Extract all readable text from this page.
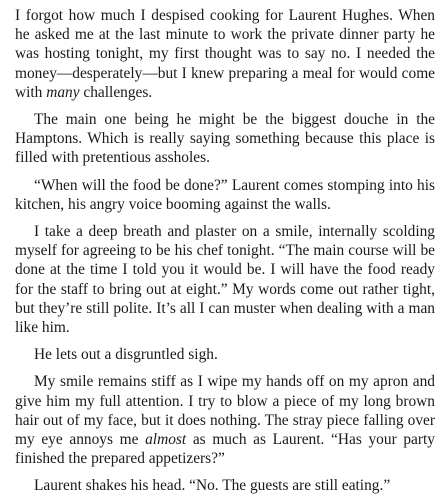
I forgot how much I despised cooking for Laurent Hughes. When he asked me at the last minute to work the private dinner party he was hosting tonight, my first thought was to say no. I needed the money—desperately—but I knew preparing a meal for would come with many challenges.

The main one being he might be the biggest douche in the Hamptons. Which is really saying something because this place is filled with pretentious assholes.

“When will the food be done?” Laurent comes stomping into his kitchen, his angry voice booming against the walls.

I take a deep breath and plaster on a smile, internally scolding myself for agreeing to be his chef tonight. “The main course will be done at the time I told you it would be. I will have the food ready for the staff to bring out at eight.” My words come out rather tight, but they’re still polite. It’s all I can muster when dealing with a man like him.

He lets out a disgruntled sigh.

My smile remains stiff as I wipe my hands off on my apron and give him my full attention. I try to blow a piece of my long brown hair out of my face, but it does nothing. The stray piece falling over my eye annoys me almost as much as Laurent. “Has your party finished the prepared appetizers?”

Laurent shakes his head. “No. The guests are still eating.”
